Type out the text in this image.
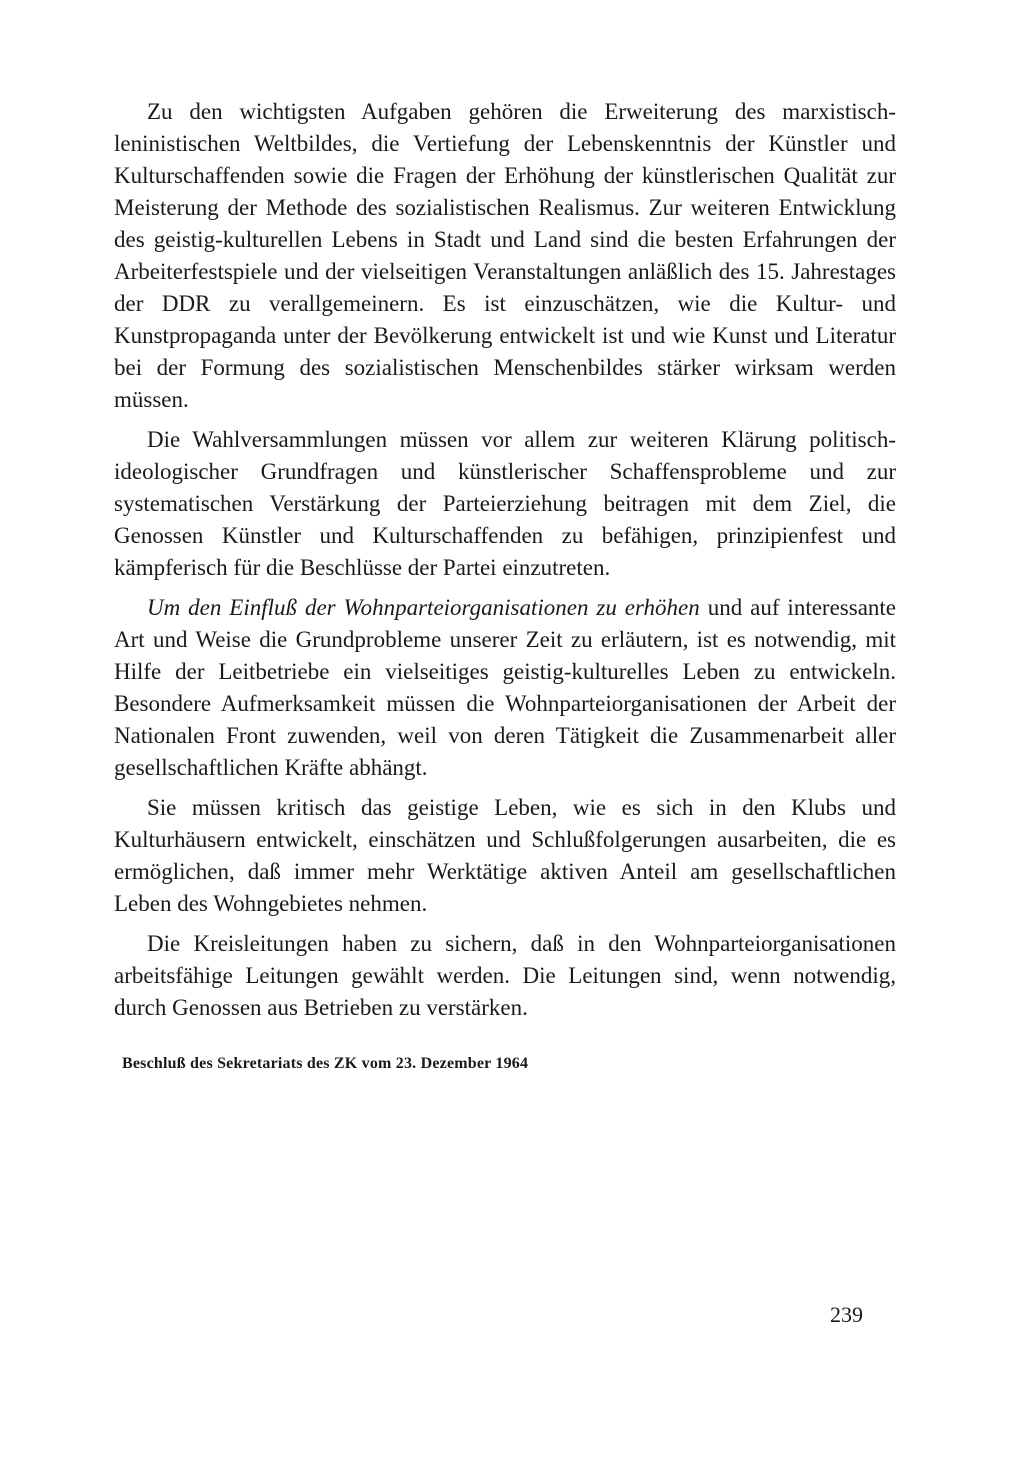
Zu den wichtigsten Aufgaben gehören die Erweiterung des marxistisch-leninistischen Weltbildes, die Vertiefung der Lebenskenntnis der Künstler und Kulturschaffenden sowie die Fragen der Erhöhung der künstlerischen Qualität zur Meisterung der Methode des sozialistischen Realismus. Zur weiteren Entwicklung des geistig-kulturellen Lebens in Stadt und Land sind die besten Erfahrungen der Arbeiterfestspiele und der vielseitigen Veranstaltungen anläßlich des 15. Jahrestages der DDR zu verallgemeinern. Es ist einzuschätzen, wie die Kultur- und Kunstpropaganda unter der Bevölkerung entwickelt ist und wie Kunst und Literatur bei der Formung des sozialistischen Menschenbildes stärker wirksam werden müssen.

Die Wahlversammlungen müssen vor allem zur weiteren Klärung politisch-ideologischer Grundfragen und künstlerischer Schaffensprobleme und zur systematischen Verstärkung der Parteierziehung beitragen mit dem Ziel, die Genossen Künstler und Kulturschaffenden zu befähigen, prinzipienfest und kämpferisch für die Beschlüsse der Partei einzutreten.

Um den Einfluß der Wohnparteiorganisationen zu erhöhen und auf interessante Art und Weise die Grundprobleme unserer Zeit zu erläutern, ist es notwendig, mit Hilfe der Leitbetriebe ein vielseitiges geistig-kulturelles Leben zu entwickeln. Besondere Aufmerksamkeit müssen die Wohnparteiorganisationen der Arbeit der Nationalen Front zuwenden, weil von deren Tätigkeit die Zusammenarbeit aller gesellschaftlichen Kräfte abhängt.

Sie müssen kritisch das geistige Leben, wie es sich in den Klubs und Kulturhäusern entwickelt, einschätzen und Schlußfolgerungen ausarbeiten, die es ermöglichen, daß immer mehr Werktätige aktiven Anteil am gesellschaftlichen Leben des Wohngebietes nehmen.

Die Kreisleitungen haben zu sichern, daß in den Wohnparteiorganisationen arbeitsfähige Leitungen gewählt werden. Die Leitungen sind, wenn notwendig, durch Genossen aus Betrieben zu verstärken.

Beschluß des Sekretariats des ZK vom 23. Dezember 1964

239
